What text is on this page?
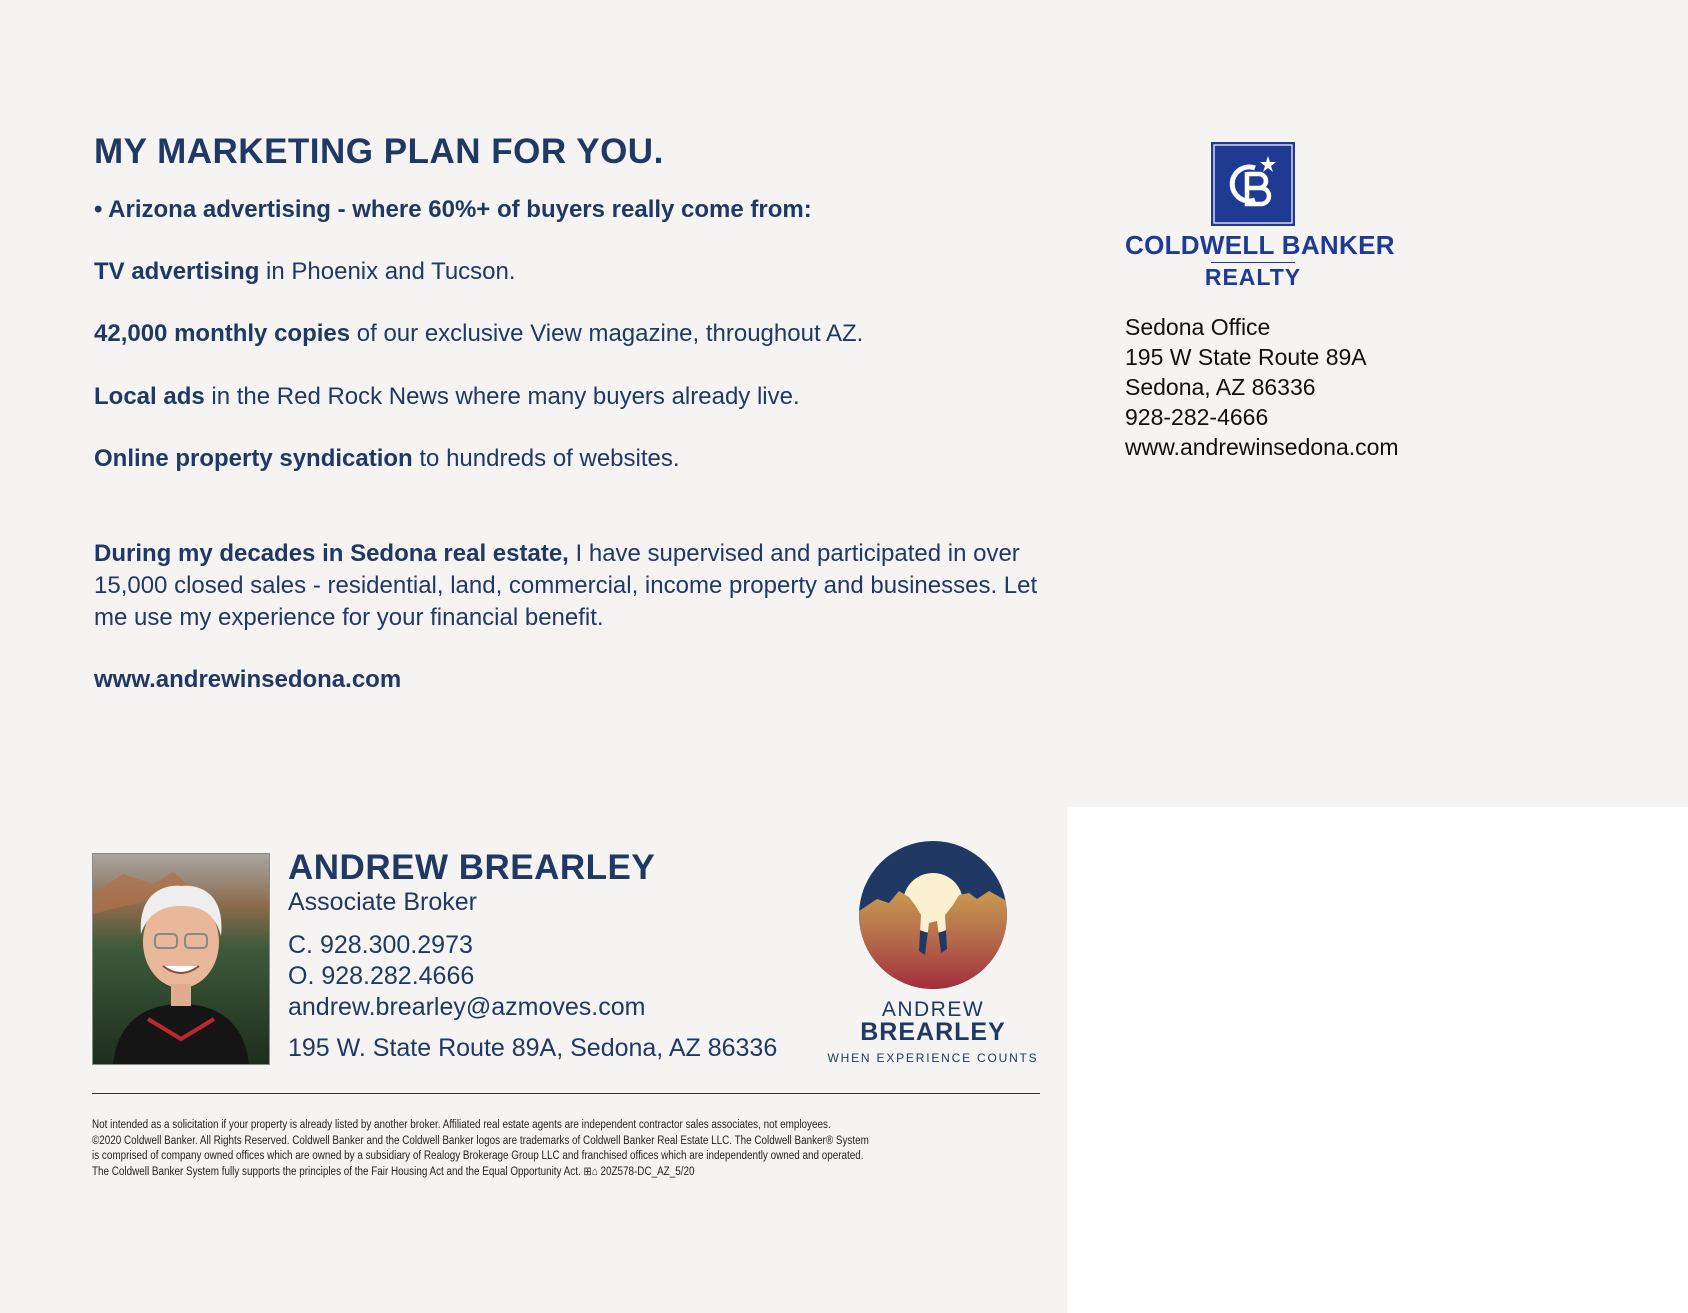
MY MARKETING PLAN FOR YOU.
• Arizona advertising - where 60%+ of buyers really come from:
TV advertising in Phoenix and Tucson.
42,000 monthly copies of our exclusive View magazine, throughout AZ.
Local ads in the Red Rock News where many buyers already live.
Online property syndication to hundreds of websites.
During my decades in Sedona real estate, I have supervised and participated in over 15,000 closed sales - residential, land, commercial, income property and businesses. Let me use my experience for your financial benefit.
www.andrewinsedona.com
COLDWELL BANKER
REALTY
Sedona Office
195 W State Route 89A
Sedona, AZ 86336
928-282-4666
www.andrewinsedona.com
ANDREW BREARLEY
Associate Broker
C. 928.300.2973
O. 928.282.4666
andrew.brearley@azmoves.com
195 W. State Route 89A, Sedona, AZ 86336
ANDREW
BREARLEY
WHEN EXPERIENCE COUNTS
Not intended as a solicitation if your property is already listed by another broker. Affiliated real estate agents are independent contractor sales associates, not employees.
©2020 Coldwell Banker. All Rights Reserved. Coldwell Banker and the Coldwell Banker logos are trademarks of Coldwell Banker Real Estate LLC. The Coldwell Banker® System
is comprised of company owned offices which are owned by a subsidiary of Realogy Brokerage Group LLC and franchised offices which are independently owned and operated.
The Coldwell Banker System fully supports the principles of the Fair Housing Act and the Equal Opportunity Act. ⊞⌂ 20Z578-DC_AZ_5/20
